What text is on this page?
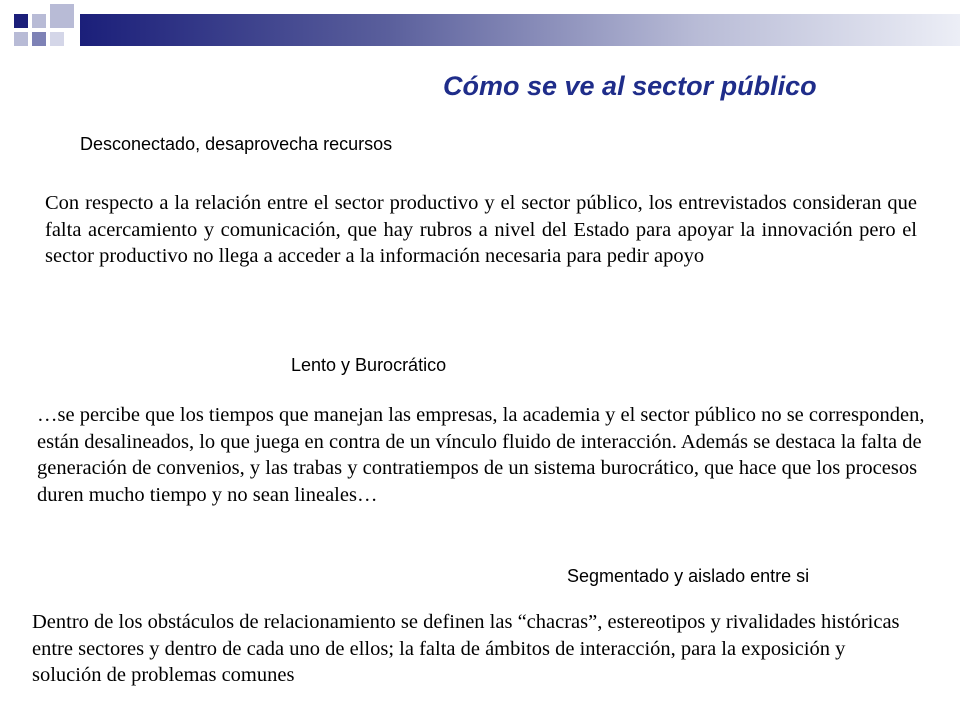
Cómo se ve al sector público
Desconectado, desaprovecha recursos
Con respecto a la relación entre el sector productivo y el sector público, los entrevistados consideran que falta acercamiento y comunicación, que hay rubros a nivel del Estado para apoyar la innovación pero el sector productivo no llega a acceder a la información necesaria para pedir apoyo
Lento y Burocrático
…se percibe que los tiempos que manejan las empresas, la academia y el sector público no se corresponden, están desalineados, lo que juega en contra de un vínculo fluido de interacción. Además se destaca la falta de generación de convenios, y las trabas y contratiempos de un sistema burocrático, que hace que los procesos duren mucho tiempo y no sean lineales…
Segmentado y aislado entre si
Dentro de los obstáculos de relacionamiento se definen las “chacras”, estereotipos y rivalidades históricas entre sectores y dentro de cada uno de ellos; la falta de ámbitos de interacción, para la exposición y solución de problemas comunes
